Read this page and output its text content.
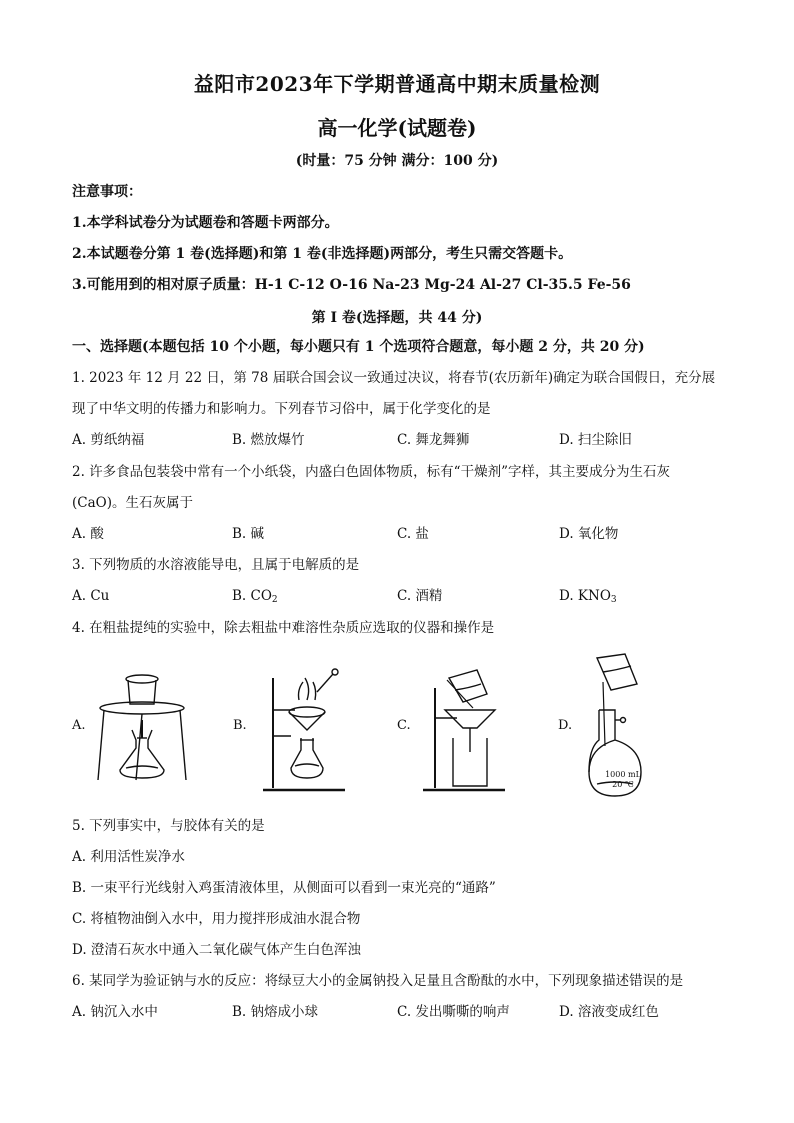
益阳市2023年下学期普通高中期末质量检测
高一化学(试题卷)
(时量：75 分钟 满分：100 分)
注意事项：
1.本学科试卷分为试题卷和答题卡两部分。
2.本试题卷分第 1 卷(选择题)和第 1 卷(非选择题)两部分，考生只需交答题卡。
3.可能用到的相对原子质量：H-1 C-12 O-16 Na-23 Mg-24 Al-27 Cl-35.5 Fe-56
第 I 卷(选择题，共 44 分)
一、选择题(本题包括 10 个小题，每小题只有 1 个选项符合题意，每小题 2 分，共 20 分)
1. 2023 年 12 月 22 日，第 78 届联合国会议一致通过决议，将春节(农历新年)确定为联合国假日，充分展
现了中华文明的传播力和影响力。下列春节习俗中，属于化学变化的是
A. 剪纸纳福	B. 燃放爆竹	C. 舞龙舞狮	D. 扫尘除旧
2. 许多食品包装袋中常有一个小纸袋，内盛白色固体物质，标有“干燥剂”字样，其主要成分为生石灰
(CaO)。生石灰属于
A. 酸	B. 碱	C. 盐	D. 氧化物
3. 下列物质的水溶液能导电，且属于电解质的是
A. Cu	B. $CO_2$	C. 酒精	D. $KNO_3$
4. 在粗盐提纯的实验中，除去粗盐中难溶性杂质应选取的仪器和操作是
A.	B.	C.	D.
1000 mL
20 ℃
5. 下列事实中，与胶体有关的是
A. 利用活性炭净水
B. 一束平行光线射入鸡蛋清液体里，从侧面可以看到一束光亮的“通路”
C. 将植物油倒入水中，用力搅拌形成油水混合物
D. 澄清石灰水中通入二氧化碳气体产生白色浑浊
6. 某同学为验证钠与水的反应：将绿豆大小的金属钠投入足量且含酚酞的水中，下列现象描述错误的是
A. 钠沉入水中	B. 钠熔成小球	C. 发出嘶嘶的响声	D. 溶液变成红色
